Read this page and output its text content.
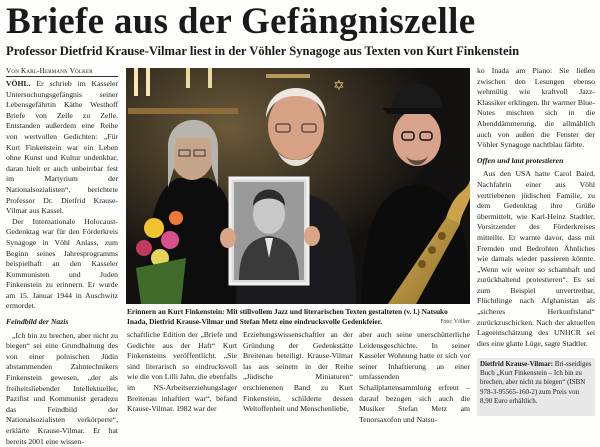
Briefe aus der Gefängniszelle
Professor Dietfrid Krause-Vilmar liest in der Vöhler Synagoge aus Texten von Kurt Finkenstein
Von Karl-Hermann Völker

VÖHL. Er schrieb im Kasseler Untersuchungsgefängnis seiner Lebensgefährtin Käthe Westhoff Briefe von Zelle zu Zelle. Entstanden außerdem eine Reihe von wertvollen Gedichten: „Für Kurt Finkenstein war ein Leben ohne Kunst und Kultur undenkbar, daran hielt er auch unbeirrbar fest im Martyrium der Nationalsozialisten“, berichtete Professor Dr. Dietfrid Krause-Vilmar aus Kassel.

Der Internationale Holocaust-Gedenktag war für den Förderkreis Synagoge in Vöhl Anlass, zum Beginn seines Jahresprogramms beispielhaft an den Kasseler Kommunisten und Juden Finkenstein zu erinnern. Er wurde am 15. Januar 1944 in Auschwitz ermordet.

Feindbild der Nazis

„Ich bin zu brechen, aber nicht zu biegen“ sei eine Grundhaltung des von einer polnischen Jüdin abstammenden Zahntechnikers Finkenstein gewesen, „der als freiheitsliebender Intellektueller, Pazifist und Kommunist geradezu das Feindbild der Nationalsozialisten verkörperte“, erklärte Krause-Vilmar. Er hat bereits 2001 eine wissen-

✡
Erinnern an Kurt Finkenstein: Mit stillvollem Jazz und literarischen Texten gestalteten (v. l.) Natsuko Inada, Dietfrid Krause-Vilmar und Stefan Metz eine eindrucksvolle Gedenkfeier.	Foto: Völker

schaftliche Edition der „Briefe und Gedichte aus der Haft“ Kurt Finkensteins veröffentlicht. „Sie sind literarisch so eindrucksvoll wie die von Lilli Jahn, die ebenfalls im NS-Arbeitserziehungslager Breitenau inhaftiert war“, befand Krause-Vilmar. 1982 war der

Erziehungswissenschaftler an der Gründung der Gedenkstätte Breitenau beteiligt. Krause-Vilmar las aus seinem in der Reihe „Jüdische Miniaturen“ erschienenen Band zu Kurt Finkenstein, schilderte dessen Weltoffenheit und Menschenliebe,

aber auch seine unerschütterliche Leidensgeschichte. In seiner Kasseler Wohnung hatte er sich vor seiner Inhaftierung an einer umfassenden Schallplattensammlung erfreut – darauf bezogen sich auch die Musiker Stefan Metz am Tenorsaxofon und Natsu-

ko Inada am Piano: Sie ließen zwischen den Lesungen ebenso wehmütig wie kraftvoll Jazz-Klassiker erklingen. Ihr warmer Blue-Notes mischten sich in die Abenddämmerung, die allmählich auch von außen die Fenster der Vöhler Synagoge nachtblau färbte.

Offen und laut protestieren

Aus den USA hatte Carol Baird, Nachfahrin einer aus Vöhl vertriebenen jüdischen Familie, zu dem Gedenktag ihre Grüße übermittelt, wie Karl-Heinz Stadtler, Vorsitzender des Förderkreises mitteilte. Er warnte davor, dass mit Fremden und Bedrohten Ähnliches wie damals wieder passieren könnte. „Wenn wir weiter so schamhaft und zurückhaltend protestieren“. Es sei zum Beispiel unvertretbar, Flüchtlinge nach Afghanistan als „sicheres Herkunftsland“ zurückzuschicken. Nach der aktuellen Lageeinschätzung des UNHCR sei dies eine glatte Lüge, sagte Stadtler.

Dietfrid Krause-Vilmar: Bri-sseidiges Buch „Kurt Finkenstein – Ich bin zu brechen, aber nicht zu biegen“ (ISBN 978-3-95565-160-2) zum Preis von 8,90 Euro erhältlich.
